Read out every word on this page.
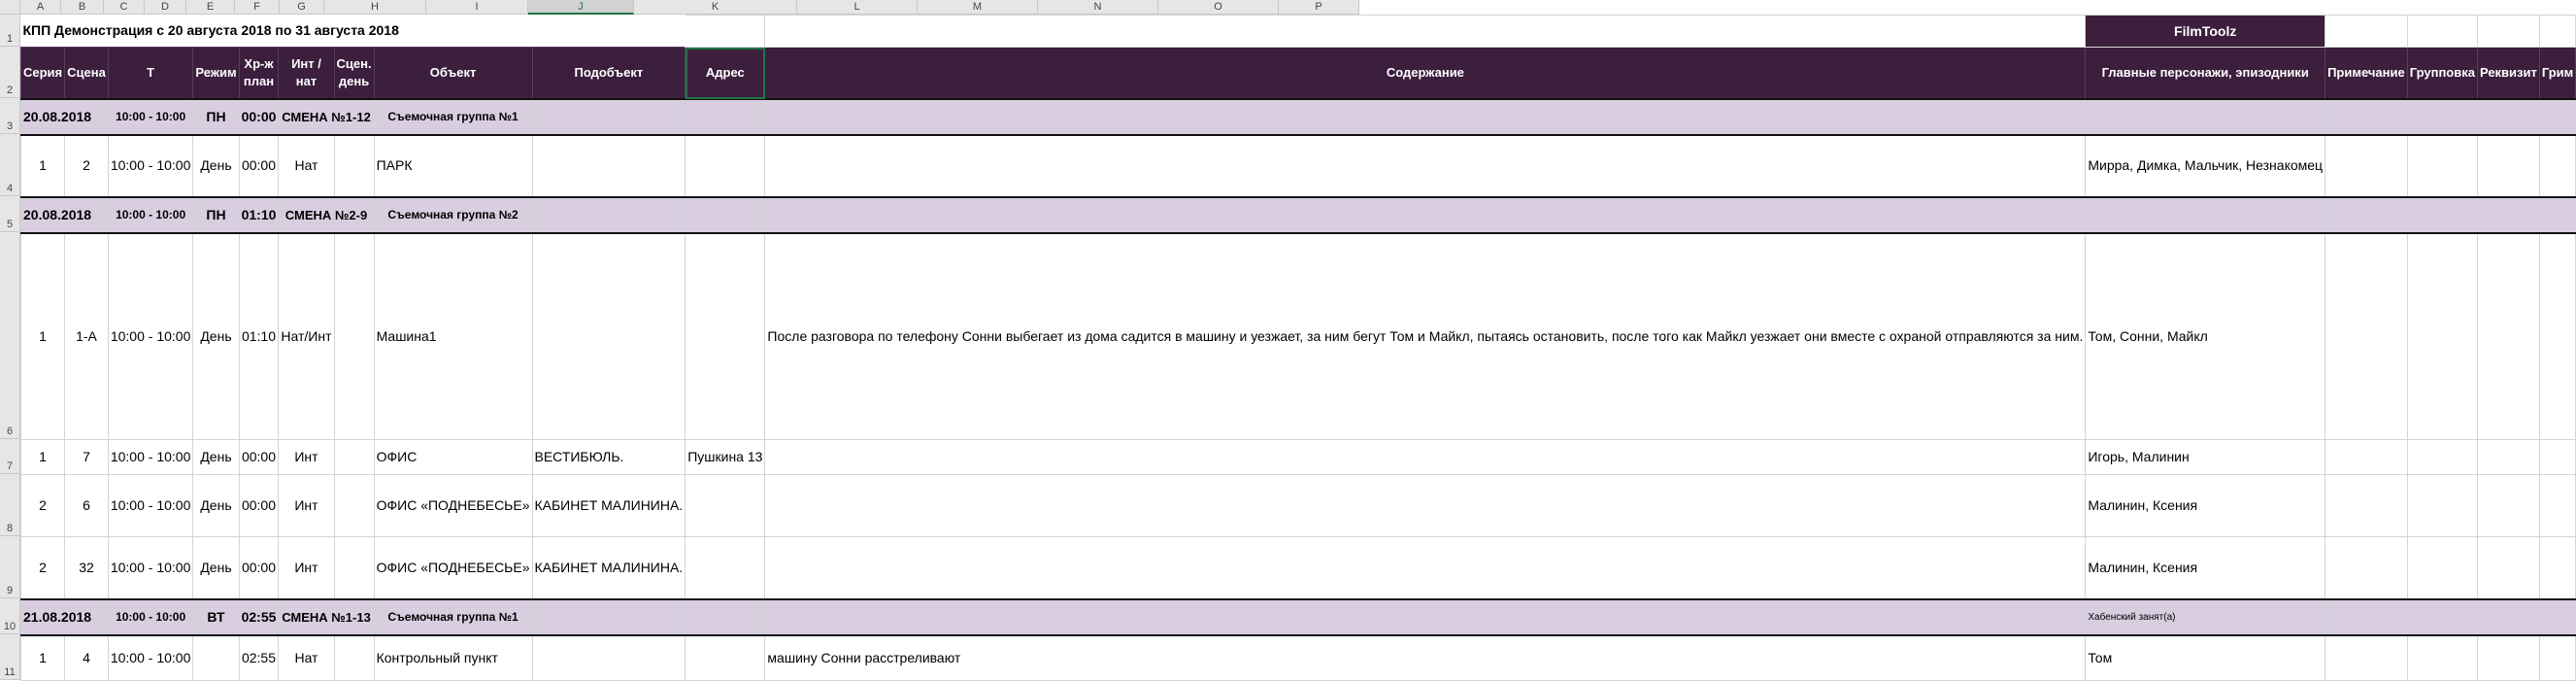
A	B	C	D	E	F	G	H	I	J	K	L	M	N	O	P
1
2
3
4
5
6
7
8
9
10
11
КПП Демонстрация с 20 августа 2018 по 31 августа 2018											FilmToolz				
Серия	Сцена	Т	Режим	Хр-ж план	Инт / нат	Сцен. день	Объект	Подобъект	Адрес	Содержание	Главные персонажи, эпизодники	Примечание	Групповка	Реквизит	Грим
20.08.2018		10:00 - 10:00	ПН	00:00	СМЕНА №1-12		Съемочная группа №1								
1	2	10:00 - 10:00	День	00:00	Нат		ПАРК				Мирра, Димка, Мальчик, Незнакомец				
20.08.2018		10:00 - 10:00	ПН	01:10	СМЕНА №2-9		Съемочная группа №2								
1	1-А	10:00 - 10:00	День	01:10	Нат/Инт		Машина1			После разговора по телефону Сонни выбегает из дома садится в машину и уезжает, за ним бегут Том и Майкл, пытаясь остановить, после того как Майкл уезжает они вместе с охраной отправляются за ним.	Том, Сонни, Майкл				
1	7	10:00 - 10:00	День	00:00	Инт		ОФИС	ВЕСТИБЮЛЬ.	Пушкина 13		Игорь, Малинин				
2	6	10:00 - 10:00	День	00:00	Инт		ОФИС «ПОДНЕБЕСЬЕ»	КАБИНЕТ МАЛИНИНА.			Малинин, Ксения				
2	32	10:00 - 10:00	День	00:00	Инт		ОФИС «ПОДНЕБЕСЬЕ»	КАБИНЕТ МАЛИНИНА.			Малинин, Ксения				
21.08.2018		10:00 - 10:00	ВТ	02:55	СМЕНА №1-13		Съемочная группа №1				Хабенский занят(а)				
1	4	10:00 - 10:00		02:55	Нат		Контрольный пункт			машину Сонни расстреливают	Том				
